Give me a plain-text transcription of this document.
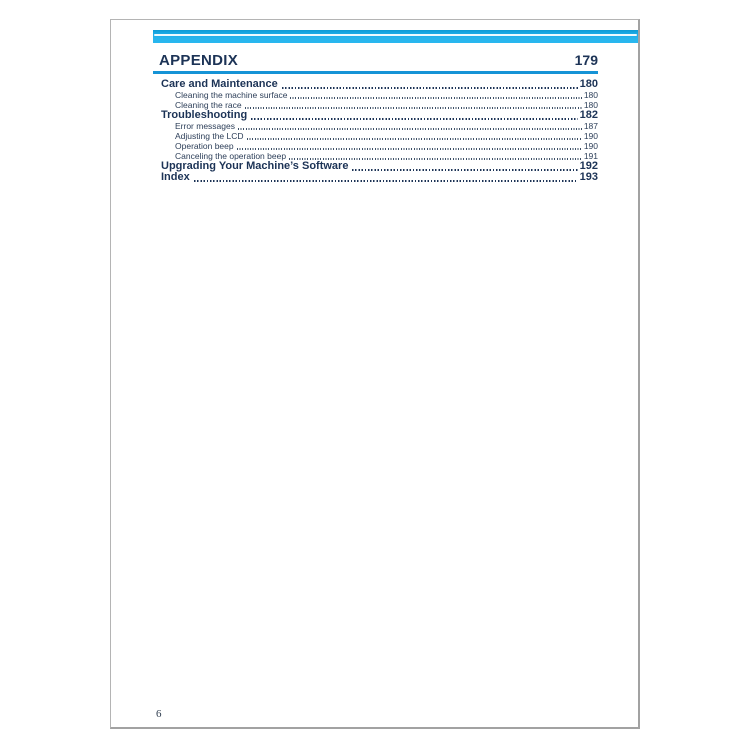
APPENDIX	179
Care and Maintenance	180
Cleaning the machine surface	180
Cleaning the race	180
Troubleshooting	182
Error messages	187
Adjusting the LCD	190
Operation beep	190
Canceling the operation beep	191
Upgrading Your Machine’s Software	192
Index	193
6
